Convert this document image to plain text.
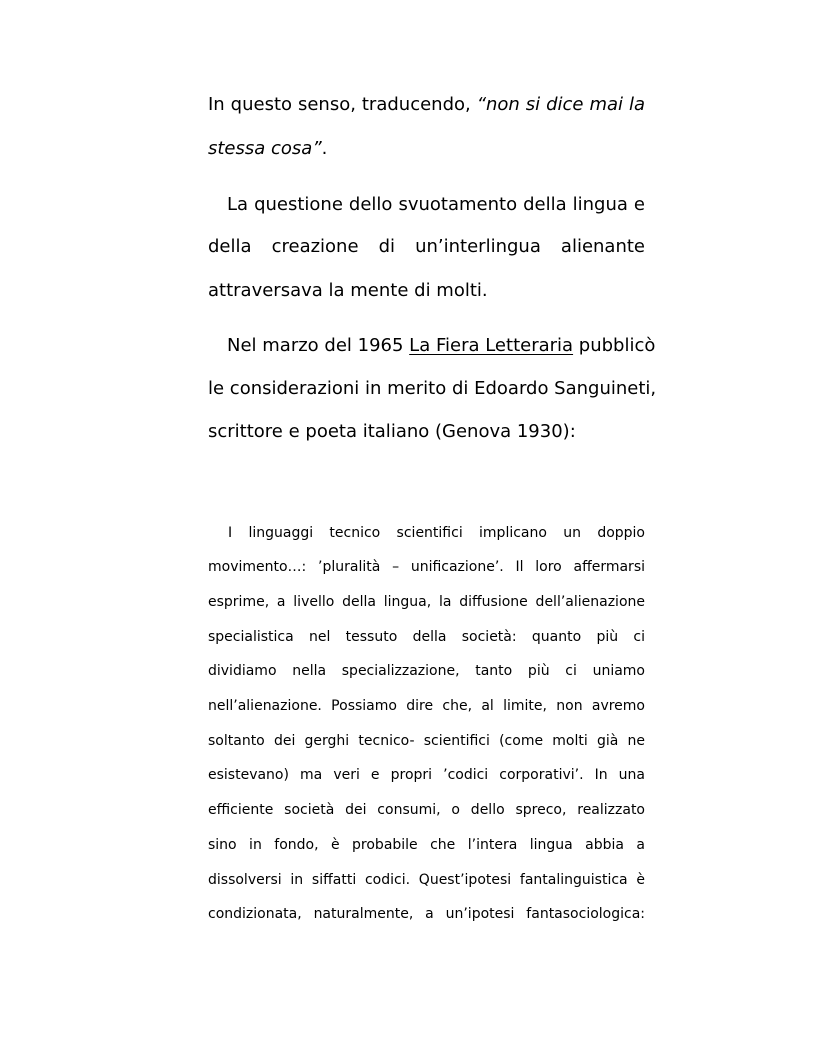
In questo senso, traducendo, “non si dice mai la
stessa cosa”.
La questione dello svuotamento della lingua e
della creazione di un’interlingua alienante
attraversava la mente di molti.
Nel marzo del 1965 La Fiera Letteraria pubblicò
le considerazioni in merito di Edoardo Sanguineti,
scrittore e poeta italiano (Genova 1930):
I linguaggi tecnico scientifici implicano un doppio
movimento…: ’pluralità – unificazione’. Il loro affermarsi
esprime, a livello della lingua, la diffusione dell’alienazione
specialistica nel tessuto della società: quanto più ci
dividiamo nella specializzazione, tanto più ci uniamo
nell’alienazione. Possiamo dire che, al limite, non avremo
soltanto dei gerghi tecnico- scientifici (come molti già ne
esistevano) ma veri e propri ’codici corporativi’. In una
efficiente società dei consumi, o dello spreco, realizzato
sino in fondo, è probabile che l’intera lingua abbia a
dissolversi in siffatti codici. Quest’ipotesi fantalinguistica è
condizionata, naturalmente, a un’ipotesi fantasociologica:
